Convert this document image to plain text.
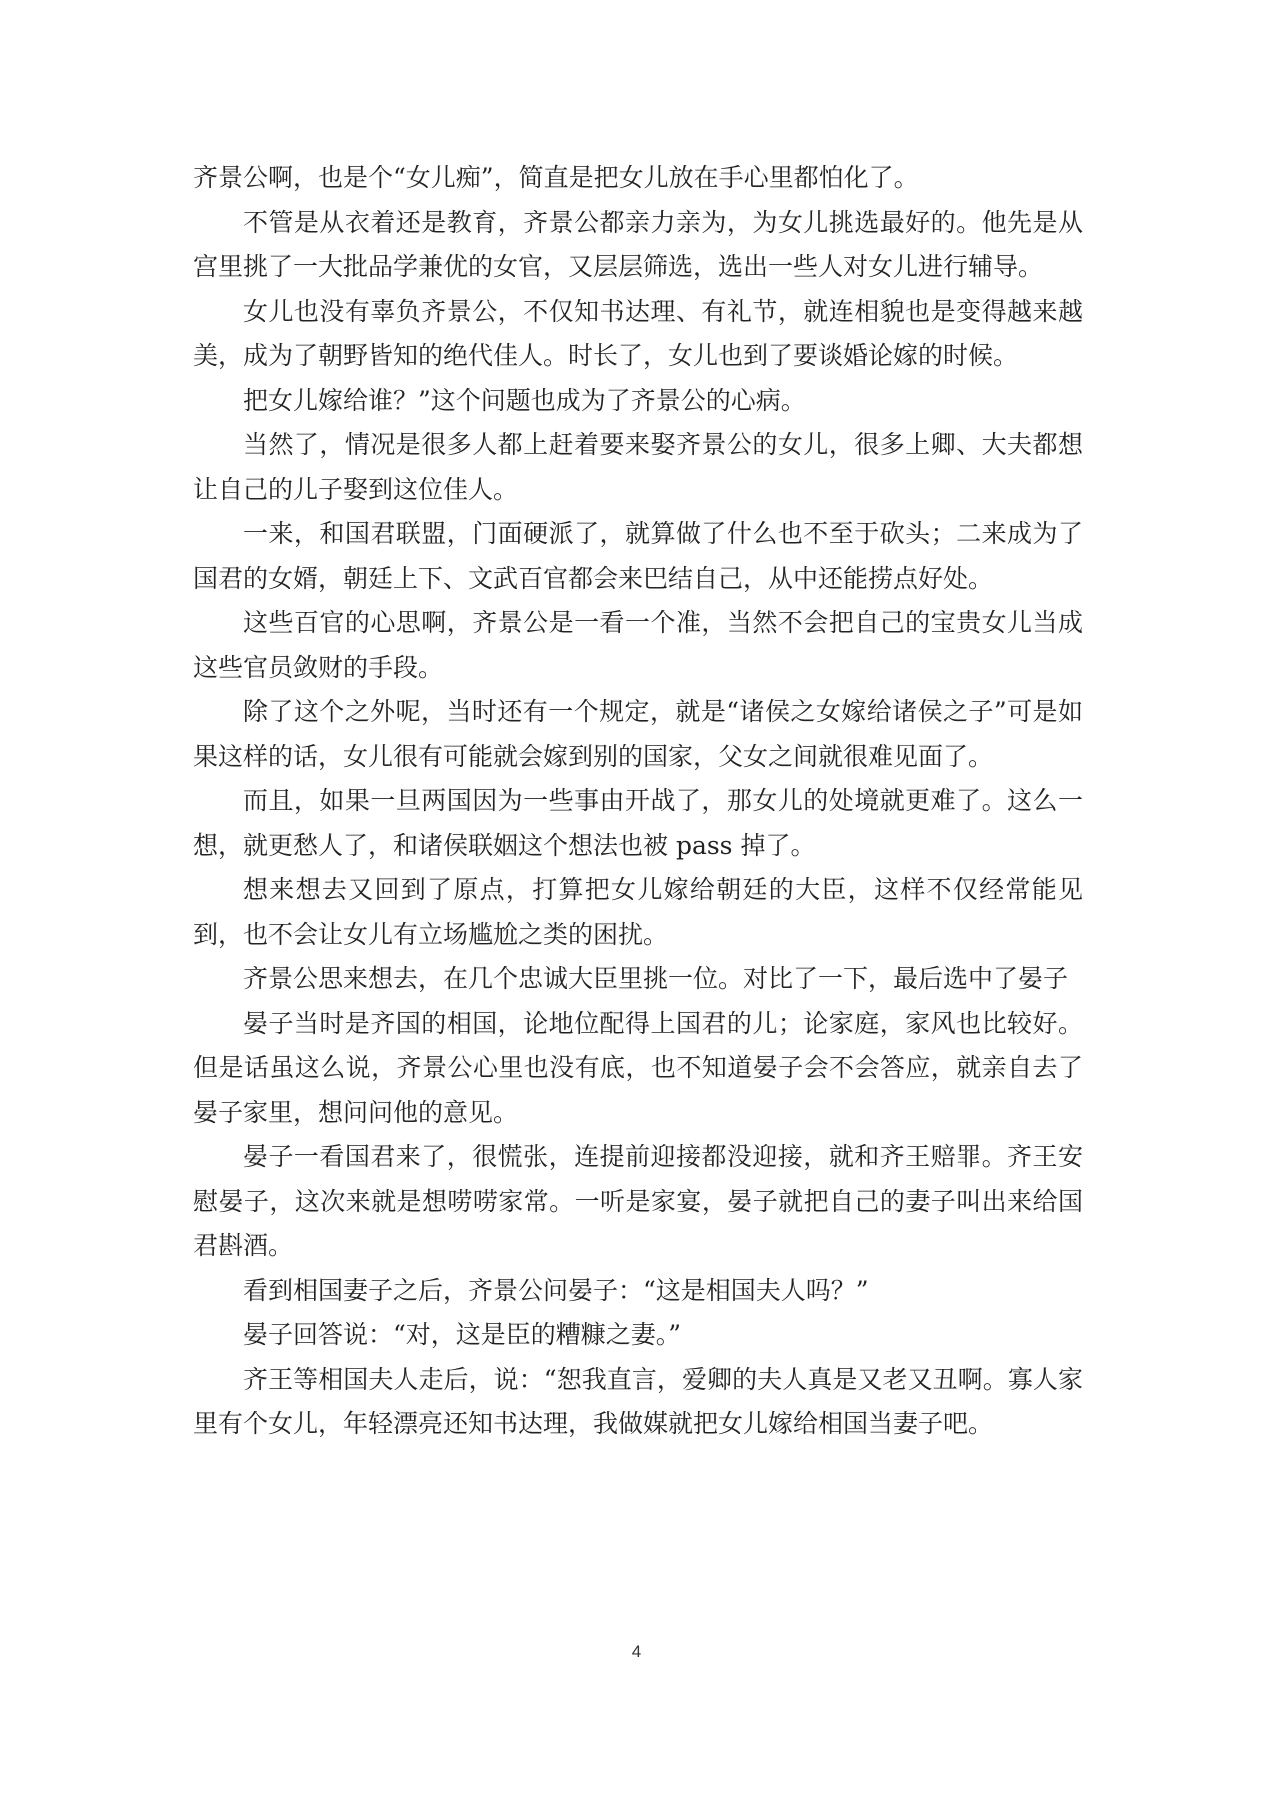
齐景公啊，也是个“女儿痴”，简直是把女儿放在手心里都怕化了。

不管是从衣着还是教育，齐景公都亲力亲为，为女儿挑选最好的。他先是从宫里挑了一大批品学兼优的女官，又层层筛选，选出一些人对女儿进行辅导。

女儿也没有辜负齐景公，不仅知书达理、有礼节，就连相貌也是变得越来越美，成为了朝野皆知的绝代佳人。时长了，女儿也到了要谈婚论嫁的时候。

把女儿嫁给谁？”这个问题也成为了齐景公的心病。

当然了，情况是很多人都上赶着要来娶齐景公的女儿，很多上卿、大夫都想让自己的儿子娶到这位佳人。

一来，和国君联盟，门面硬派了，就算做了什么也不至于砍头；二来成为了国君的女婿，朝廷上下、文武百官都会来巴结自己，从中还能捞点好处。

这些百官的心思啊，齐景公是一看一个准，当然不会把自己的宝贵女儿当成这些官员敛财的手段。

除了这个之外呢，当时还有一个规定，就是“诸侯之女嫁给诸侯之子”可是如果这样的话，女儿很有可能就会嫁到别的国家，父女之间就很难见面了。

而且，如果一旦两国因为一些事由开战了，那女儿的处境就更难了。这么一想，就更愁人了，和诸侯联姻这个想法也被 pass 掉了。

想来想去又回到了原点，打算把女儿嫁给朝廷的大臣，这样不仅经常能见到，也不会让女儿有立场尴尬之类的困扰。

齐景公思来想去，在几个忠诚大臣里挑一位。对比了一下，最后选中了晏子

晏子当时是齐国的相国，论地位配得上国君的儿；论家庭，家风也比较好。但是话虽这么说，齐景公心里也没有底，也不知道晏子会不会答应，就亲自去了晏子家里，想问问他的意见。

晏子一看国君来了，很慌张，连提前迎接都没迎接，就和齐王赔罪。齐王安慰晏子，这次来就是想唠唠家常。一听是家宴，晏子就把自己的妻子叫出来给国君斟酒。

看到相国妻子之后，齐景公问晏子：“这是相国夫人吗？”

晏子回答说：“对，这是臣的糟糠之妻。”

齐王等相国夫人走后，说：“恕我直言，爱卿的夫人真是又老又丑啊。寡人家里有个女儿，年轻漂亮还知书达理，我做媒就把女儿嫁给相国当妻子吧。

4
